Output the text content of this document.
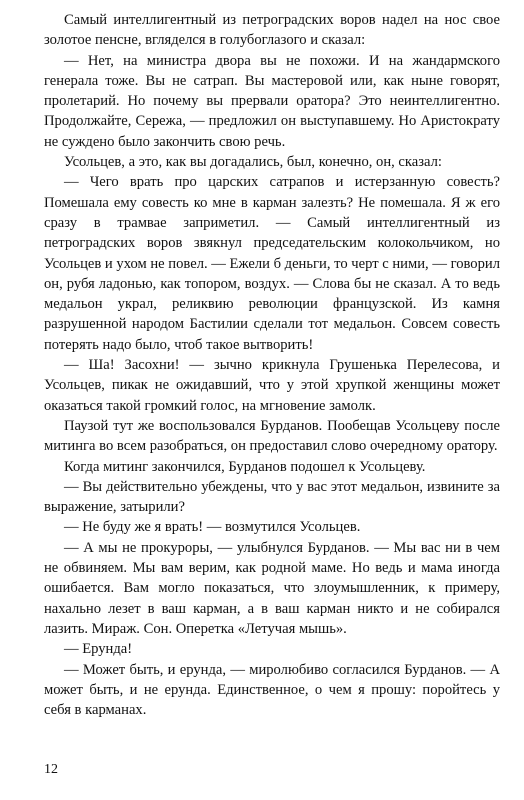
Самый интеллигентный из петроградских воров надел на нос свое золотое пенсне, вгляделся в голубоглазого и сказал:

— Нет, на министра двора вы не похожи. И на жандармского генерала тоже. Вы не сатрап. Вы мастеровой или, как ныне говорят, пролетарий. Но почему вы прервали оратора? Это неинтеллигентно. Продолжайте, Сережа, — предложил он выступавшему. Но Аристократу не суждено было закончить свою речь.

Усольцев, а это, как вы догадались, был, конечно, он, сказал:

— Чего врать про царских сатрапов и истерзанную совесть? Помешала ему совесть ко мне в карман залезть? Не помешала. Я ж его сразу в трамвае заприметил. — Самый интеллигентный из петроградских воров звякнул председательским колокольчиком, но Усольцев и ухом не повел. — Ежели б деньги, то черт с ними, — говорил он, рубя ладонью, как топором, воздух. — Слова бы не сказал. А то ведь медальон украл, реликвию революции французской. Из камня разрушенной народом Бастилии сделали тот медальон. Совсем совесть потерять надо было, чтоб такое вытворить!

— Ша! Засохни! — зычно крикнула Грушенька Перелесова, и Усольцев, пикак не ожидавший, что у этой хрупкой женщины может оказаться такой громкий голос, на мгновение замолк.

Паузой тут же воспользовался Бурданов. Пообещав Усольцеву после митинга во всем разобраться, он предоставил слово очередному оратору.

Когда митинг закончился, Бурданов подошел к Усольцеву.

— Вы действительно убеждены, что у вас этот медальон, извините за выражение, затырили?

— Не буду же я врать! — возмутился Усольцев.

— А мы не прокуроры, — улыбнулся Бурданов. — Мы вас ни в чем не обвиняем. Мы вам верим, как родной маме. Но ведь и мама иногда ошибается. Вам могло показаться, что злоумышленник, к примеру, нахально лезет в ваш карман, а в ваш карман никто и не собирался лазить. Мираж. Сон. Оперетка «Летучая мышь».

— Ерунда!

— Может быть, и ерунда, — миролюбиво согласился Бурданов. — А может быть, и не ерунда. Единственное, о чем я прошу: поройтесь у себя в карманах.

12
